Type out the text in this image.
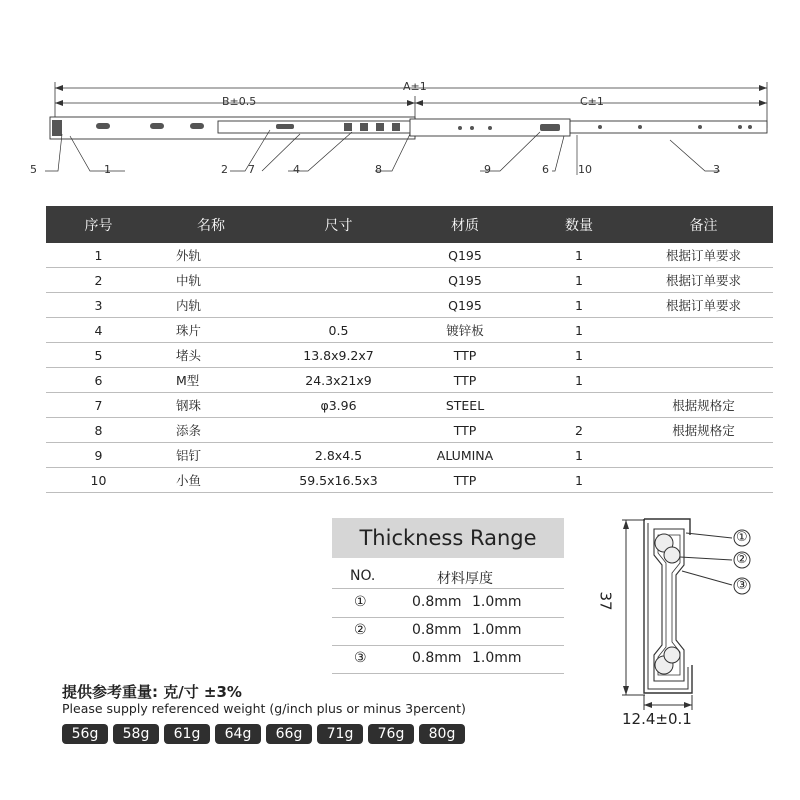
A±1
B±0.5	C±1
5	1	2 7	4	8	9	6	10	3
序号	名称	尺寸	材质	数量	备注
1	外轨		Q195	1	根据订单要求
2	中轨		Q195	1	根据订单要求
3	内轨		Q195	1	根据订单要求
4	珠片	0.5	镀锌板	1	
5	堵头	13.8x9.2x7	TTP	1	
6	M型	24.3x21x9	TTP	1	
7	钢珠	φ3.96	STEEL		根据规格定
8	添条		TTP	2	根据规格定
9	铝钉	2.8x4.5	ALUMINA	1	
10	小鱼	59.5x16.5x3	TTP	1	
Thickness Range
NO.	材料厚度
①	0.8mm 1.0mm
②	0.8mm 1.0mm
③	0.8mm 1.0mm
①
②
③
37
12.4±0.1
提供参考重量: 克/寸 ±3%
Please supply referenced weight (g/inch plus or minus 3percent)
56g	58g	61g	64g	66g	71g	76g	80g
